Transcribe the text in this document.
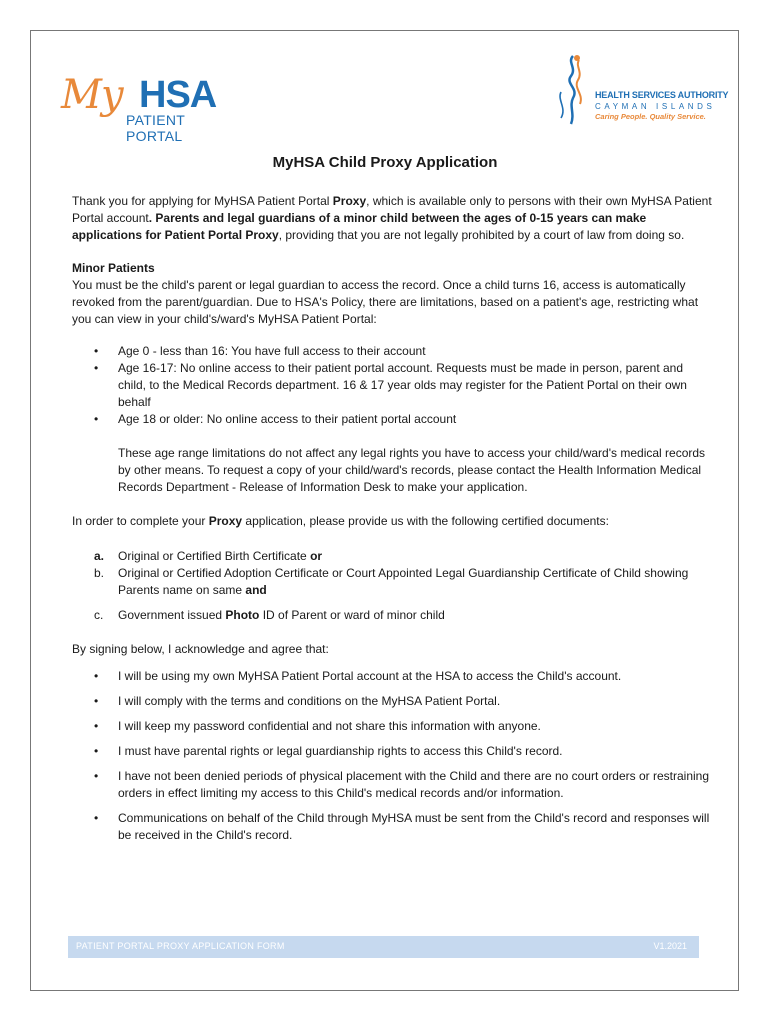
My HSA
PATIENT PORTAL
HEALTH SERVICES AUTHORITY
CAYMAN ISLANDS
Caring People. Quality Service.
MyHSA Child Proxy Application

Thank you for applying for MyHSA Patient Portal Proxy, which is available only to persons with their own MyHSA Patient Portal account. Parents and legal guardians of a minor child between the ages of 0-15 years can make applications for Patient Portal Proxy, providing that you are not legally prohibited by a court of law from doing so.

Minor Patients

You must be the child's parent or legal guardian to access the record. Once a child turns 16, access is automatically revoked from the parent/guardian. Due to HSA's Policy, there are limitations, based on a patient's age, restricting what you can view in your child's/ward's MyHSA Patient Portal:

• Age 0 - less than 16: You have full access to their account
• Age 16-17: No online access to their patient portal account. Requests must be made in person, parent and child, to the Medical Records department. 16 & 17 year olds may register for the Patient Portal on their own behalf
• Age 18 or older: No online access to their patient portal account

These age range limitations do not affect any legal rights you have to access your child/ward's medical records by other means. To request a copy of your child/ward's records, please contact the Health Information Medical Records Department - Release of Information Desk to make your application.

In order to complete your Proxy application, please provide us with the following certified documents:

a. Original or Certified Birth Certificate or
b. Original or Certified Adoption Certificate or Court Appointed Legal Guardianship Certificate of Child showing Parents name on same and
c. Government issued Photo ID of Parent or ward of minor child

By signing below, I acknowledge and agree that:

• I will be using my own MyHSA Patient Portal account at the HSA to access the Child's account.
• I will comply with the terms and conditions on the MyHSA Patient Portal.
• I will keep my password confidential and not share this information with anyone.
• I must have parental rights or legal guardianship rights to access this Child's record.
• I have not been denied periods of physical placement with the Child and there are no court orders or restraining orders in effect limiting my access to this Child's medical records and/or information.
• Communications on behalf of the Child through MyHSA must be sent from the Child's record and responses will be received in the Child's record.
PATIENT PORTAL PROXY APPLICATION FORM	V1.2021
